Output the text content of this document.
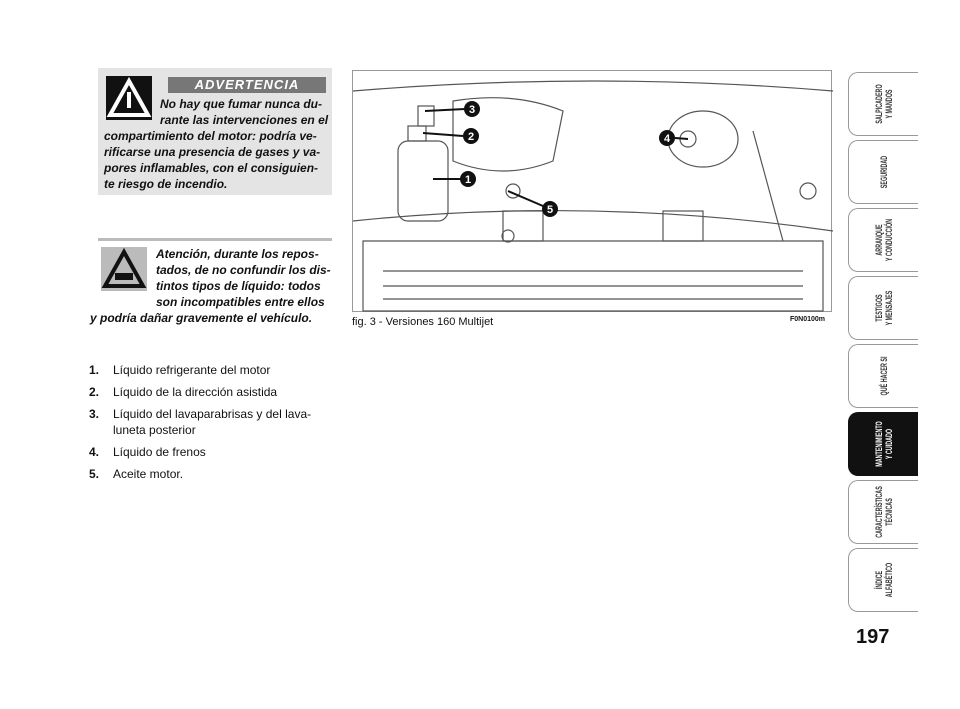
ADVERTENCIA
No hay que fumar nunca du-
rante las intervenciones en el
compartimiento del motor: podría ve-
rificarse una presencia de gases y va-
pores inflamables, con el consiguien-
te riesgo de incendio.
Atención, durante los repos-
tados, de no confundir los dis-
tintos tipos de líquido: todos
son incompatibles entre ellos
y podría dañar gravemente el vehículo.
1
2
3
4
5
fig. 3 - Versiones 160 Multijet	F0N0100m
1.	Líquido refrigerante del motor
2.	Líquido de la dirección asistida
3.	Líquido del lavaparabrisas y del lava-
luneta posterior
4.	Líquido de frenos
5.	Aceite motor.
SALPICADERO
Y MANDOS
SEGURIDAD
ARRANQUE
Y CONDUCCIÓN
TESTIGOS
Y MENSAJES
QUÉ HACER SI
MANTENIMIENTO
Y CUIDADO
CARACTERÍSTICAS
TÉCNICAS
ÍNDICE
ALFABÉTICO
197
